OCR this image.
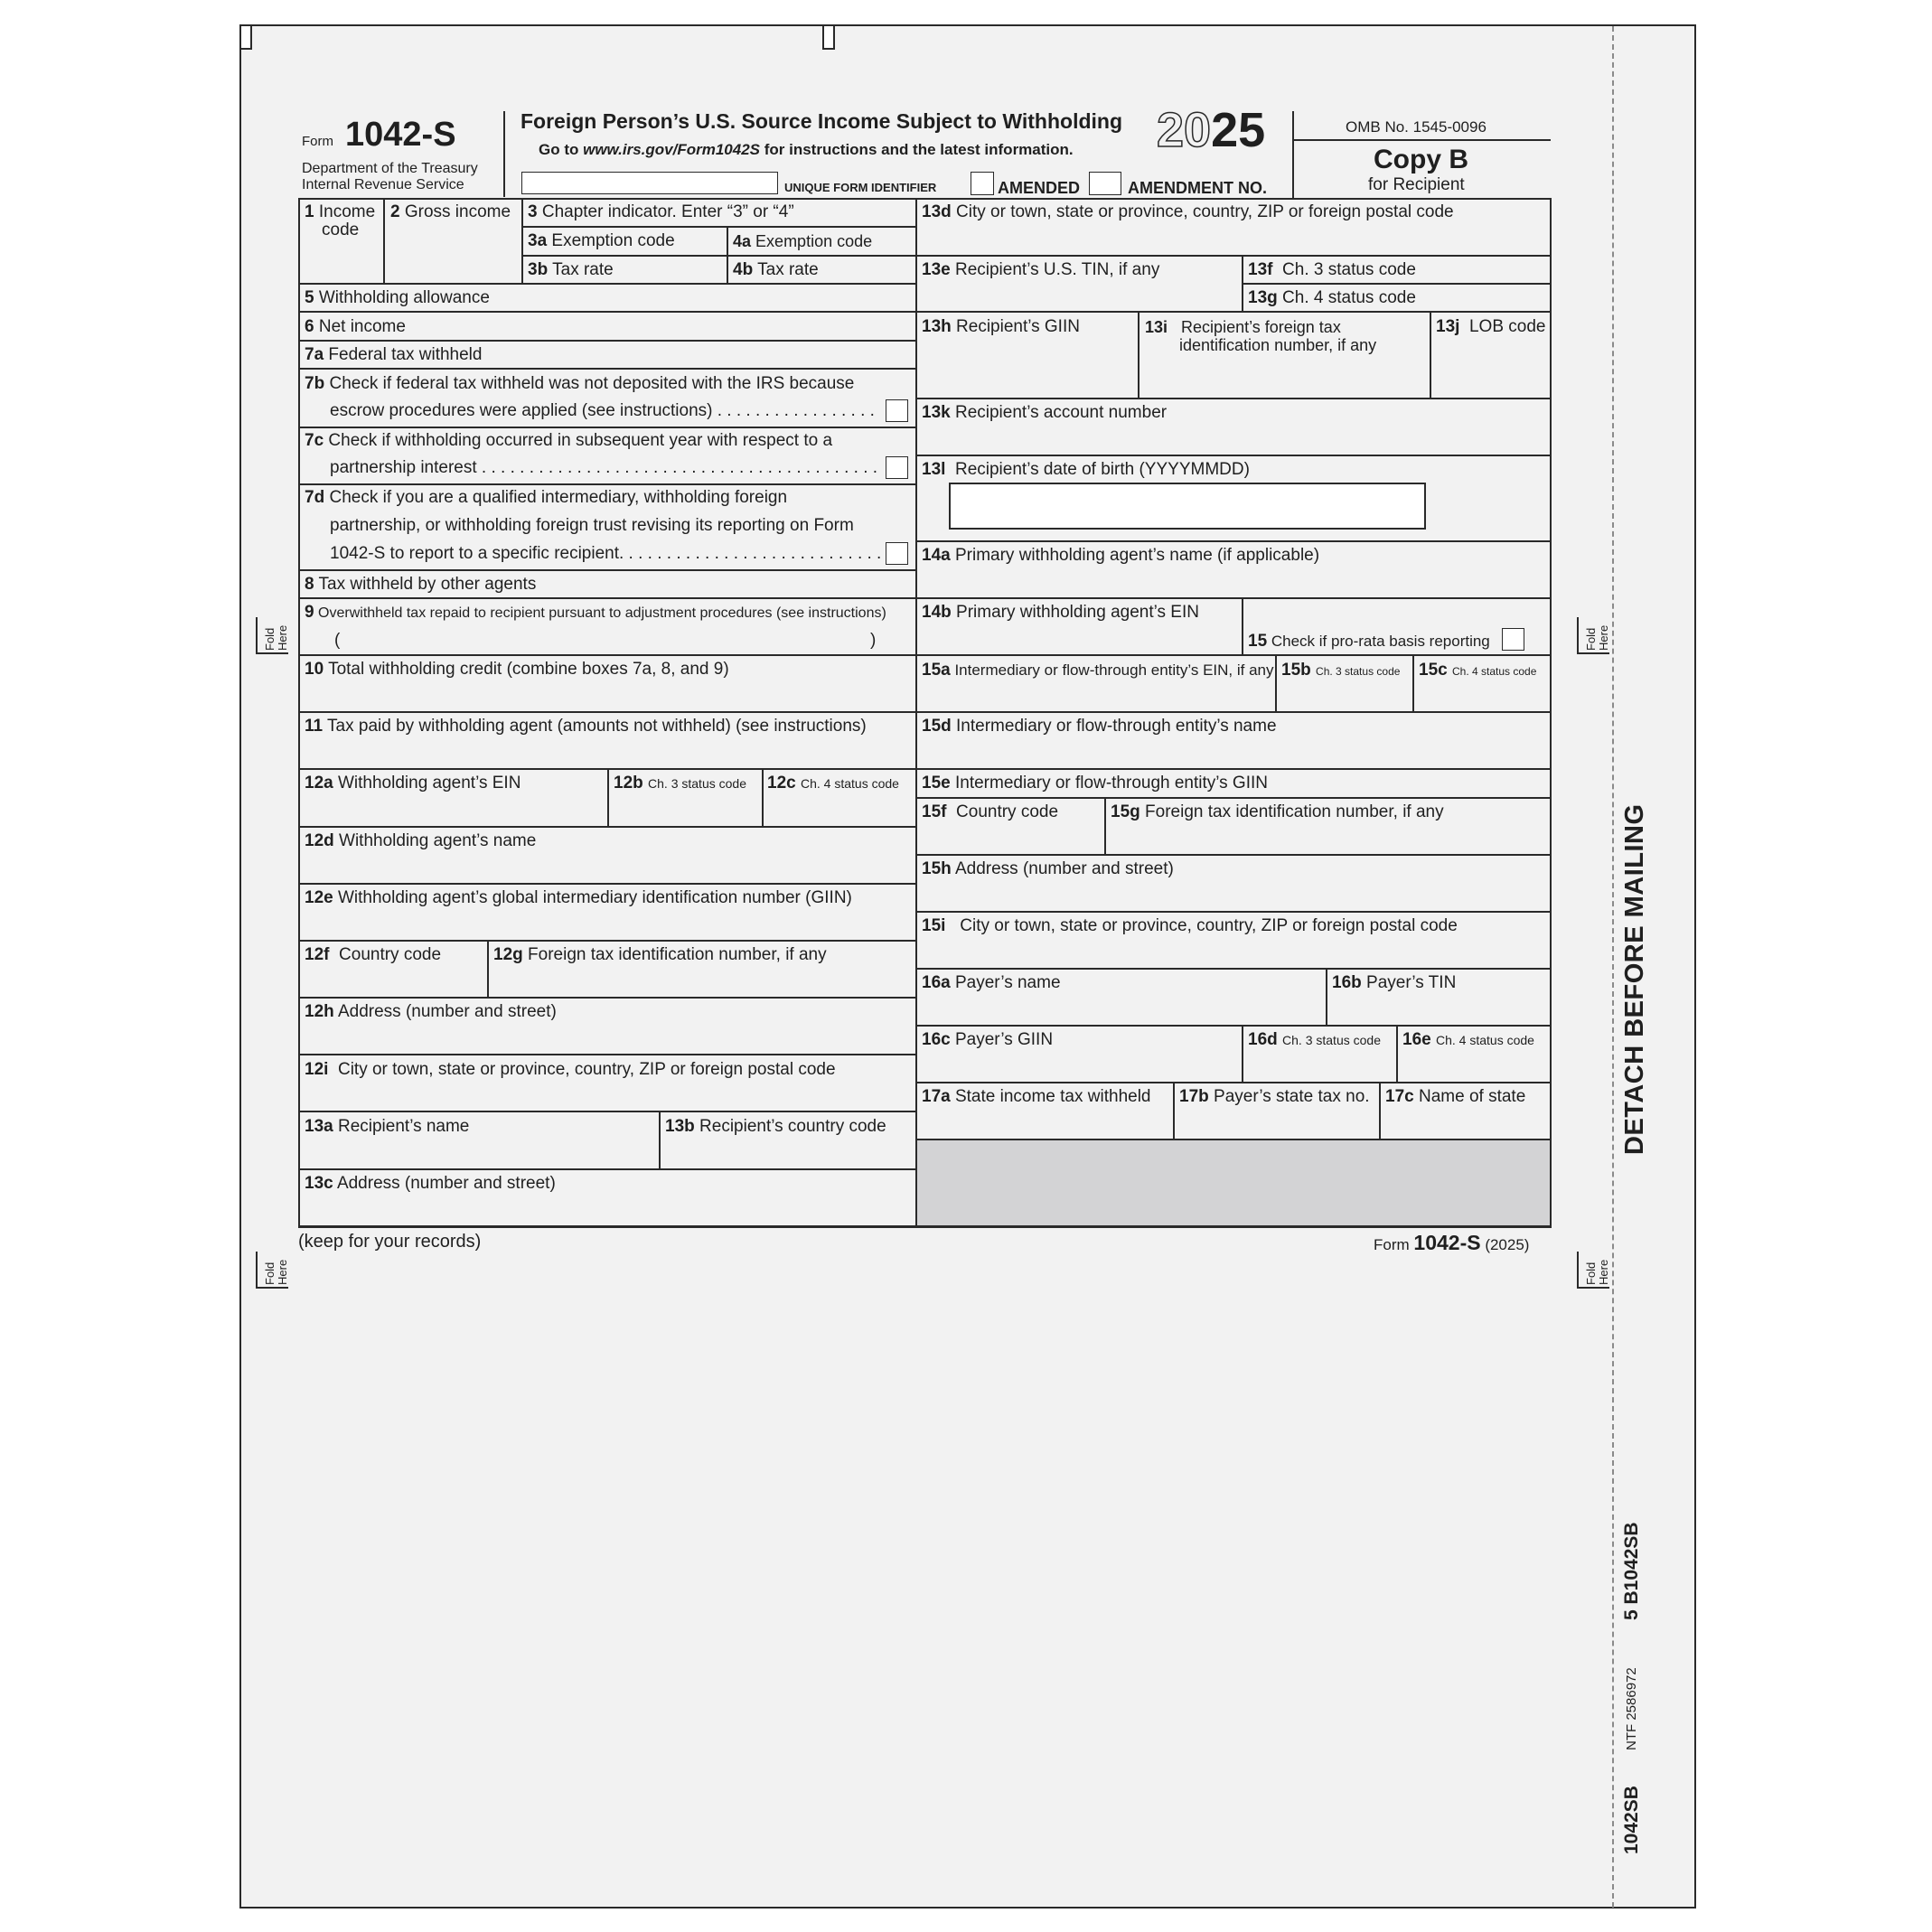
Form 1042-S
Department of the Treasury
Internal Revenue Service
Foreign Person’s U.S. Source Income Subject to Withholding
Go to www.irs.gov/Form1042S for instructions and the latest information. 2025
UNIQUE FORM IDENTIFIER	AMENDED	AMENDMENT NO.
OMB No. 1545-0096
Copy B
for Recipient
1 Income
code
2 Gross income 3 Chapter indicator. Enter “3” or “4”
3a Exemption code	4a Exemption code
3b Tax rate	4b Tax rate
5 Withholding allowance
6 Net income
7a Federal tax withheld
7b Check if federal tax withheld was not deposited with the IRS because
escrow procedures were applied (see instructions) . . . . . . . . . . . . . . . . .
7c Check if withholding occurred in subsequent year with respect to a
partnership interest . . . . . . . . . . . . . . . . . . . . . . . . . . . . . . . . . . . . . . . . . .
7d Check if you are a qualified intermediary, withholding foreign
partnership, or withholding foreign trust revising its reporting on Form
1042-S to report to a specific recipient. . . . . . . . . . . . . . . . . . . . . . . . . . . .
8 Tax withheld by other agents
9 Overwithheld tax repaid to recipient pursuant to adjustment procedures (see instructions)
(	)
10 Total withholding credit (combine boxes 7a, 8, and 9)
11 Tax paid by withholding agent (amounts not withheld) (see instructions)
12a Withholding agent’s EIN	12b Ch. 3 status code 12c Ch. 4 status code
12d Withholding agent’s name
12e Withholding agent’s global intermediary identification number (GIIN)
12f Country code	12g Foreign tax identification number, if any
12h Address (number and street)
12i City or town, state or province, country, ZIP or foreign postal code
13a Recipient’s name	13b Recipient’s country code
13c Address (number and street)
13d City or town, state or province, country, ZIP or foreign postal code
13e Recipient’s U.S. TIN, if any	13f Ch. 3 status code
13g Ch. 4 status code
13h Recipient’s GIIN	13i Recipient’s foreign tax
identification number, if any
13j LOB code
13k Recipient’s account number
13l Recipient’s date of birth (YYYYMMDD)
14a Primary withholding agent’s name (if applicable)
14b Primary withholding agent’s EIN
15 Check if pro-rata basis reporting
15a Intermediary or flow-through entity’s EIN, if any 15b Ch. 3 status code 15c Ch. 4 status code
15d Intermediary or flow-through entity’s name
15e Intermediary or flow-through entity’s GIIN
15f Country code	15g Foreign tax identification number, if any
15h Address (number and street)
15i City or town, state or province, country, ZIP or foreign postal code
16a Payer’s name	16b Payer’s TIN
16c Payer’s GIIN	16d Ch. 3 status code 16e Ch. 4 status code
17a State income tax withheld 17b Payer’s state tax no. 17c Name of state
(keep for your records)	Form 1042-S (2025)
Fold Here
Fold Here
Fold Here
Fold Here
DETACH BEFORE MAILING
5 B1042SB
NTF 2586972
1042SB
